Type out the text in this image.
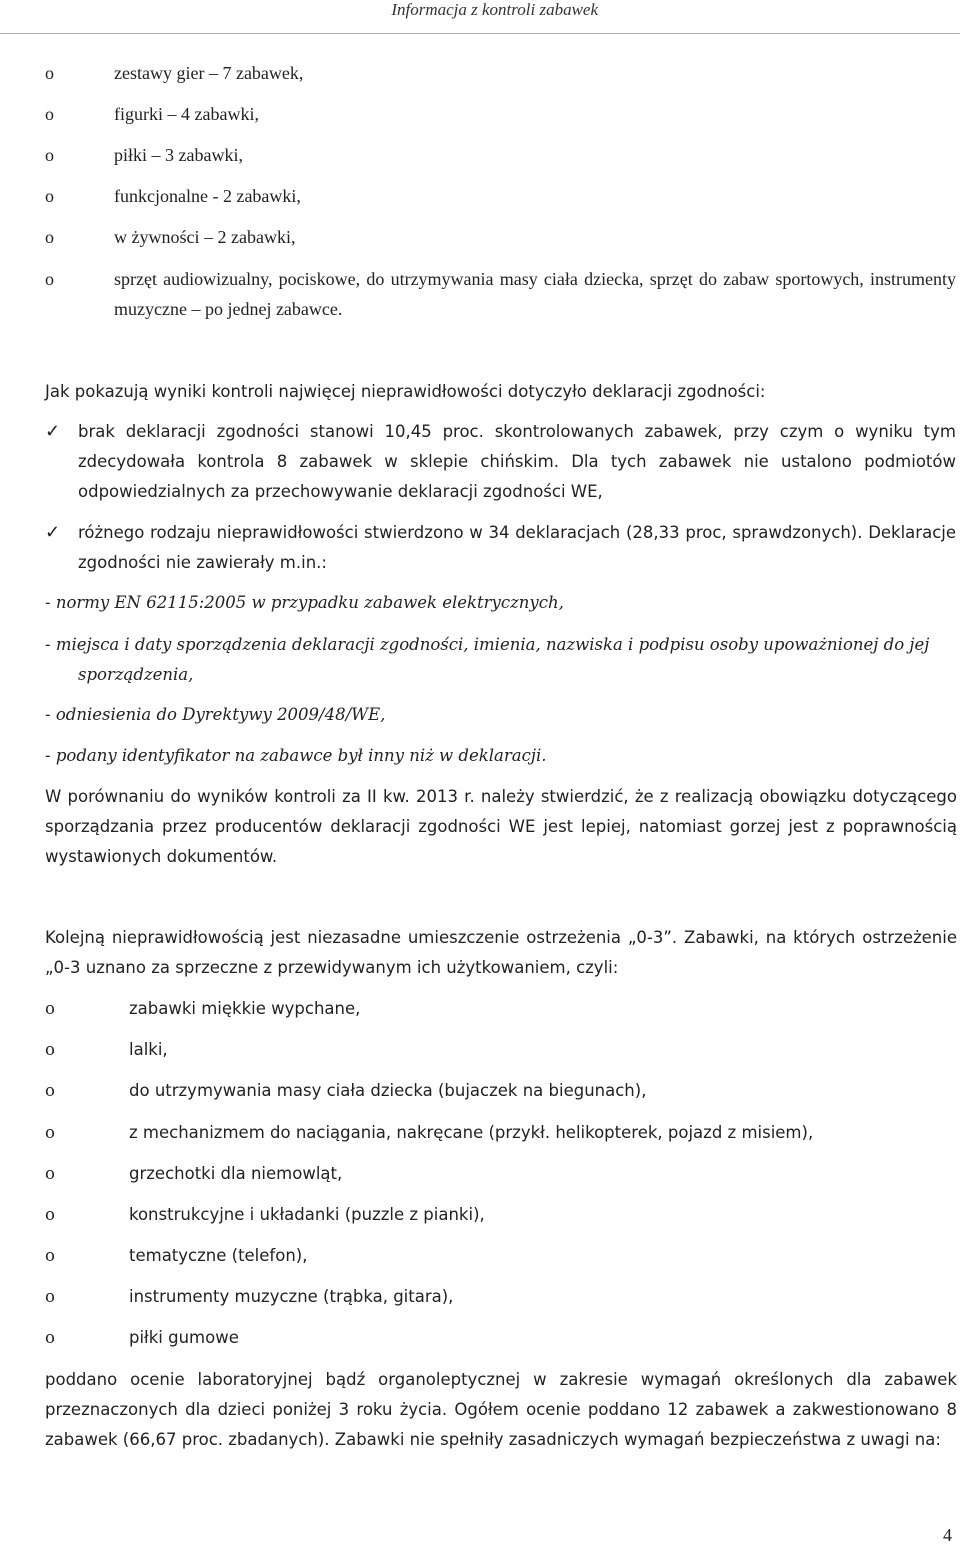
Informacja z kontroli zabawek
o	zestawy gier – 7 zabawek,
o	figurki – 4 zabawki,
o	piłki – 3 zabawki,
o	funkcjonalne - 2 zabawki,
o	w żywności – 2 zabawki,
o	sprzęt audiowizualny, pociskowe, do utrzymywania masy ciała dziecka, sprzęt do zabaw sportowych, instrumenty muzyczne – po jednej zabawce.
Jak pokazują wyniki kontroli najwięcej nieprawidłowości dotyczyło deklaracji zgodności:
✓ brak deklaracji zgodności stanowi 10,45 proc. skontrolowanych zabawek, przy czym o wyniku tym zdecydowała kontrola 8 zabawek w sklepie chińskim. Dla tych zabawek nie ustalono podmiotów odpowiedzialnych za przechowywanie deklaracji zgodności WE,
✓ różnego rodzaju nieprawidłowości stwierdzono w 34 deklaracjach (28,33 proc, sprawdzonych). Deklaracje zgodności nie zawierały m.in.:
- normy EN 62115:2005 w przypadku zabawek elektrycznych,
- miejsca i daty sporządzenia deklaracji zgodności, imienia, nazwiska i podpisu osoby upoważnionej do jej sporządzenia,
- odniesienia do Dyrektywy 2009/48/WE,
- podany identyfikator na zabawce był inny niż w deklaracji.
W porównaniu do wyników kontroli za II kw. 2013 r. należy stwierdzić, że z realizacją obowiązku dotyczącego sporządzania przez producentów deklaracji zgodności WE jest lepiej, natomiast gorzej jest z poprawnością wystawionych dokumentów.
Kolejną nieprawidłowością jest niezasadne umieszczenie ostrzeżenia „0-3”. Zabawki, na których ostrzeżenie „0-3 uznano za sprzeczne z przewidywanym ich użytkowaniem, czyli:
o	zabawki miękkie wypchane,
o	lalki,
o	do utrzymywania masy ciała dziecka (bujaczek na biegunach),
o	z mechanizmem do naciągania, nakręcane (przykł. helikopterek, pojazd z misiem),
o	grzechotki dla niemowląt,
o	konstrukcyjne i układanki (puzzle z pianki),
o	tematyczne (telefon),
o	instrumenty muzyczne (trąbka, gitara),
o	piłki gumowe
poddano ocenie laboratoryjnej bądź organoleptycznej w zakresie wymagań określonych dla zabawek przeznaczonych dla dzieci poniżej 3 roku życia. Ogółem ocenie poddano 12 zabawek a zakwestionowano 8 zabawek (66,67 proc. zbadanych). Zabawki nie spełniły zasadniczych wymagań bezpieczeństwa z uwagi na:
4
